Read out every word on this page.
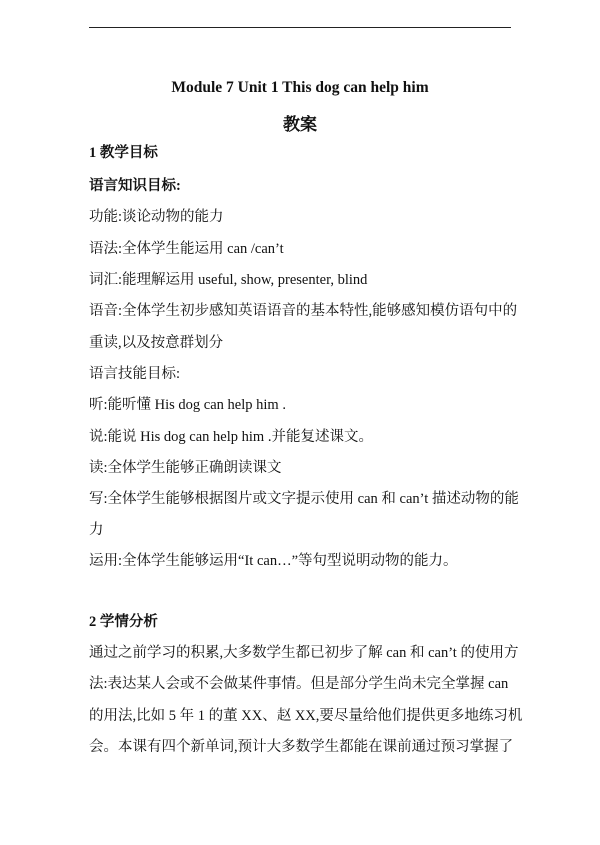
Module 7 Unit 1 This dog can help him
教案
1 教学目标
语言知识目标:
功能:谈论动物的能力
语法:全体学生能运用 can /can’t
词汇:能理解运用 useful, show, presenter, blind
语音:全体学生初步感知英语语音的基本特性,能够感知模仿语句中的
重读,以及按意群划分
语言技能目标:
听:能听懂 His dog can help him .
说:能说 His dog can help him .并能复述课文。
读:全体学生能够正确朗读课文
写:全体学生能够根据图片或文字提示使用 can 和 can’t 描述动物的能
力
运用:全体学生能够运用“It can…”等句型说明动物的能力。
2 学情分析
通过之前学习的积累,大多数学生都已初步了解 can 和 can’t 的使用方
法:表达某人会或不会做某件事情。但是部分学生尚未完全掌握 can
的用法,比如 5 年 1 的董 XX、赵 XX,要尽量给他们提供更多地练习机
会。本课有四个新单词,预计大多数学生都能在课前通过预习掌握了
